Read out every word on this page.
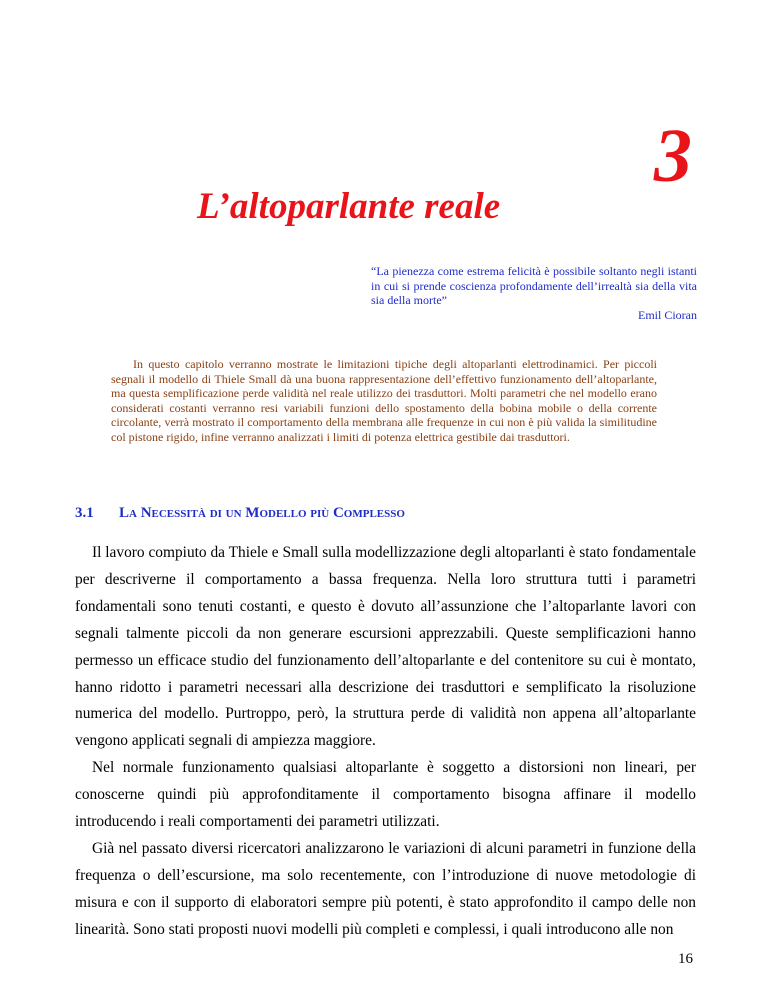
3
L’altoparlante reale
“La pienezza come estrema felicità è possibile soltanto negli istanti in cui si prende coscienza profondamente dell’irrealtà sia della vita sia della morte”
Emil Cioran

In questo capitolo verranno mostrate le limitazioni tipiche degli altoparlanti elettrodinamici. Per piccoli segnali il modello di Thiele Small dà una buona rappresentazione dell’effettivo funzionamento dell’altoparlante, ma questa semplificazione perde validità nel reale utilizzo dei trasduttori. Molti parametri che nel modello erano considerati costanti verranno resi variabili funzioni dello spostamento della bobina mobile o della corrente circolante, verrà mostrato il comportamento della membrana alle frequenze in cui non è più valida la similitudine col pistone rigido, infine verranno analizzati i limiti di potenza elettrica gestibile dai trasduttori.

3.1 La Necessità di un Modello più Complesso

Il lavoro compiuto da Thiele e Small sulla modellizzazione degli altoparlanti è stato fondamentale per descriverne il comportamento a bassa frequenza. Nella loro struttura tutti i parametri fondamentali sono tenuti costanti, e questo è dovuto all’assunzione che l’altoparlante lavori con segnali talmente piccoli da non generare escursioni apprezzabili. Queste semplificazioni hanno permesso un efficace studio del funzionamento dell’altoparlante e del contenitore su cui è montato, hanno ridotto i parametri necessari alla descrizione dei trasduttori e semplificato la risoluzione numerica del modello. Purtroppo, però, la struttura perde di validità non appena all’altoparlante vengono applicati segnali di ampiezza maggiore.

Nel normale funzionamento qualsiasi altoparlante è soggetto a distorsioni non lineari, per conoscerne quindi più approfonditamente il comportamento bisogna affinare il modello introducendo i reali comportamenti dei parametri utilizzati.

Già nel passato diversi ricercatori analizzarono le variazioni di alcuni parametri in funzione della frequenza o dell’escursione, ma solo recentemente, con l’introduzione di nuove metodologie di misura e con il supporto di elaboratori sempre più potenti, è stato approfondito il campo delle non linearità. Sono stati proposti nuovi modelli più completi e complessi, i quali introducono alle non

16
